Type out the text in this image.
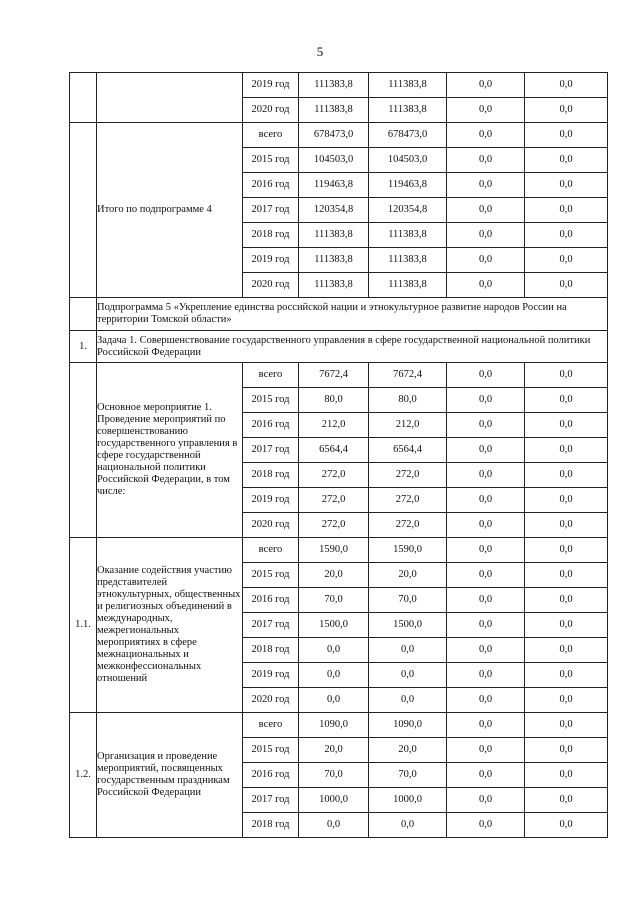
5
		2019 год	111383,8	111383,8	0,0	0,0
		2020 год	111383,8	111383,8	0,0	0,0
	Итого по подпрограмме 4	всего	678473,0	678473,0	0,0	0,0
		2015 год	104503,0	104503,0	0,0	0,0
		2016 год	119463,8	119463,8	0,0	0,0
		2017 год	120354,8	120354,8	0,0	0,0
		2018 год	111383,8	111383,8	0,0	0,0
		2019 год	111383,8	111383,8	0,0	0,0
		2020 год	111383,8	111383,8	0,0	0,0
	Подпрограмма 5 «Укрепление единства российской нации и этнокультурное развитие народов России на территории Томской области»					
1.	Задача 1. Совершенствование государственного управления в сфере государственной национальной политики Российской Федерации					
	Основное мероприятие 1. Проведение мероприятий по совершенствованию государственного управления в сфере государственной национальной политики Российской Федерации, в том числе:	всего	7672,4	7672,4	0,0	0,0
		2015 год	80,0	80,0	0,0	0,0
		2016 год	212,0	212,0	0,0	0,0
		2017 год	6564,4	6564,4	0,0	0,0
		2018 год	272,0	272,0	0,0	0,0
		2019 год	272,0	272,0	0,0	0,0
		2020 год	272,0	272,0	0,0	0,0
1.1.	Оказание содействия участию представителей этнокультурных, общественных и религиозных объединений в международных, межрегиональных мероприятиях в сфере межнациональных и межконфессиональных отношений	всего	1590,0	1590,0	0,0	0,0
		2015 год	20,0	20,0	0,0	0,0
		2016 год	70,0	70,0	0,0	0,0
		2017 год	1500,0	1500,0	0,0	0,0
		2018 год	0,0	0,0	0,0	0,0
		2019 год	0,0	0,0	0,0	0,0
		2020 год	0,0	0,0	0,0	0,0
1.2.	Организация и проведение мероприятий, посвященных государственным праздникам Российской Федерации	всего	1090,0	1090,0	0,0	0,0
		2015 год	20,0	20,0	0,0	0,0
		2016 год	70,0	70,0	0,0	0,0
		2017 год	1000,0	1000,0	0,0	0,0
		2018 год	0,0	0,0	0,0	0,0
